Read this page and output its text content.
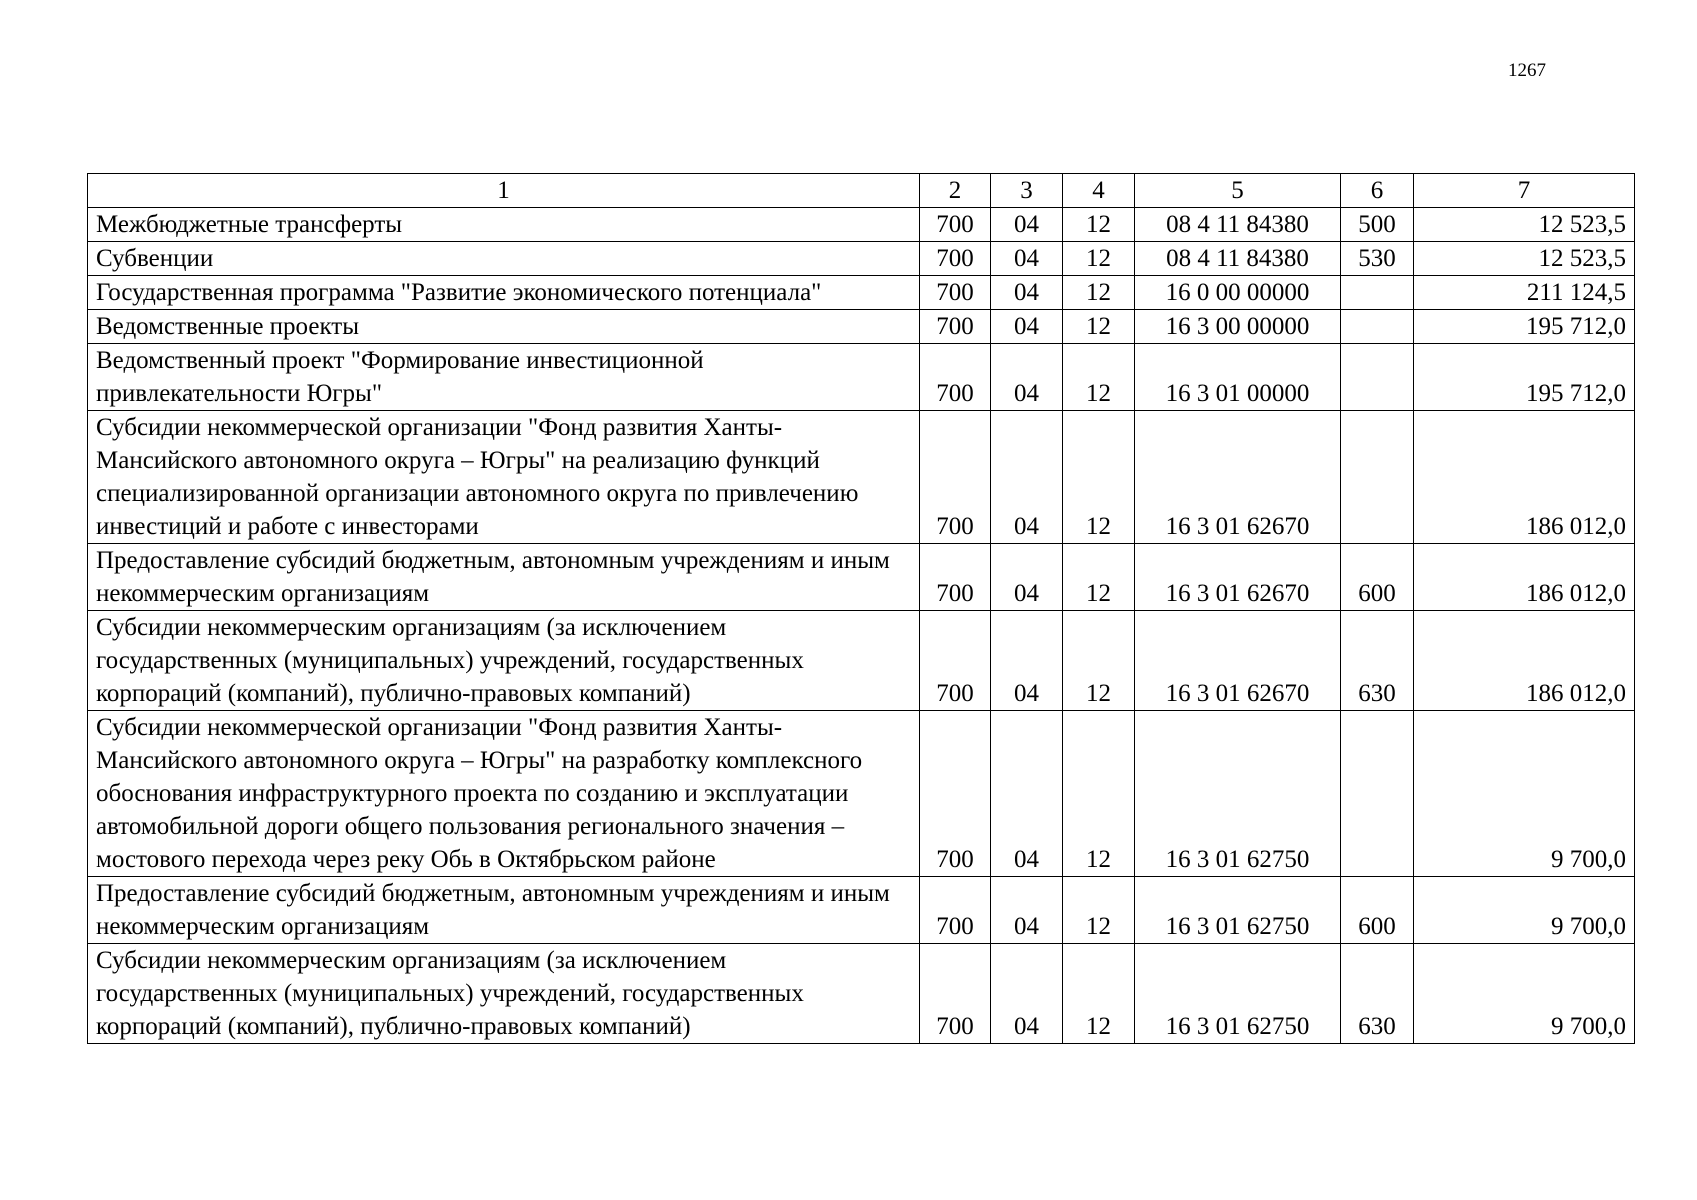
1267
1	2	3	4	5	6	7
Межбюджетные трансферты	700	04	12	08 4 11 84380	500	12 523,5
Субвенции	700	04	12	08 4 11 84380	530	12 523,5
Государственная программа "Развитие экономического потенциала"	700	04	12	16 0 00 00000		211 124,5
Ведомственные проекты	700	04	12	16 3 00 00000		195 712,0
Ведомственный проект "Формирование инвестиционной привлекательности Югры"	700	04	12	16 3 01 00000		195 712,0
Субсидии некоммерческой организации "Фонд развития Ханты-Мансийского автономного округа – Югры" на реализацию функций специализированной организации автономного округа по привлечению инвестиций и работе с инвесторами	700	04	12	16 3 01 62670		186 012,0
Предоставление субсидий бюджетным, автономным учреждениям и иным некоммерческим организациям	700	04	12	16 3 01 62670	600	186 012,0
Субсидии некоммерческим организациям (за исключением государственных (муниципальных) учреждений, государственных корпораций (компаний), публично-правовых компаний)	700	04	12	16 3 01 62670	630	186 012,0
Субсидии некоммерческой организации "Фонд развития Ханты-Мансийского автономного округа – Югры" на разработку комплексного обоснования инфраструктурного проекта по созданию и эксплуатации автомобильной дороги общего пользования регионального значения – мостового перехода через реку Обь в Октябрьском районе	700	04	12	16 3 01 62750		9 700,0
Предоставление субсидий бюджетным, автономным учреждениям и иным некоммерческим организациям	700	04	12	16 3 01 62750	600	9 700,0
Субсидии некоммерческим организациям (за исключением государственных (муниципальных) учреждений, государственных корпораций (компаний), публично-правовых компаний)	700	04	12	16 3 01 62750	630	9 700,0
